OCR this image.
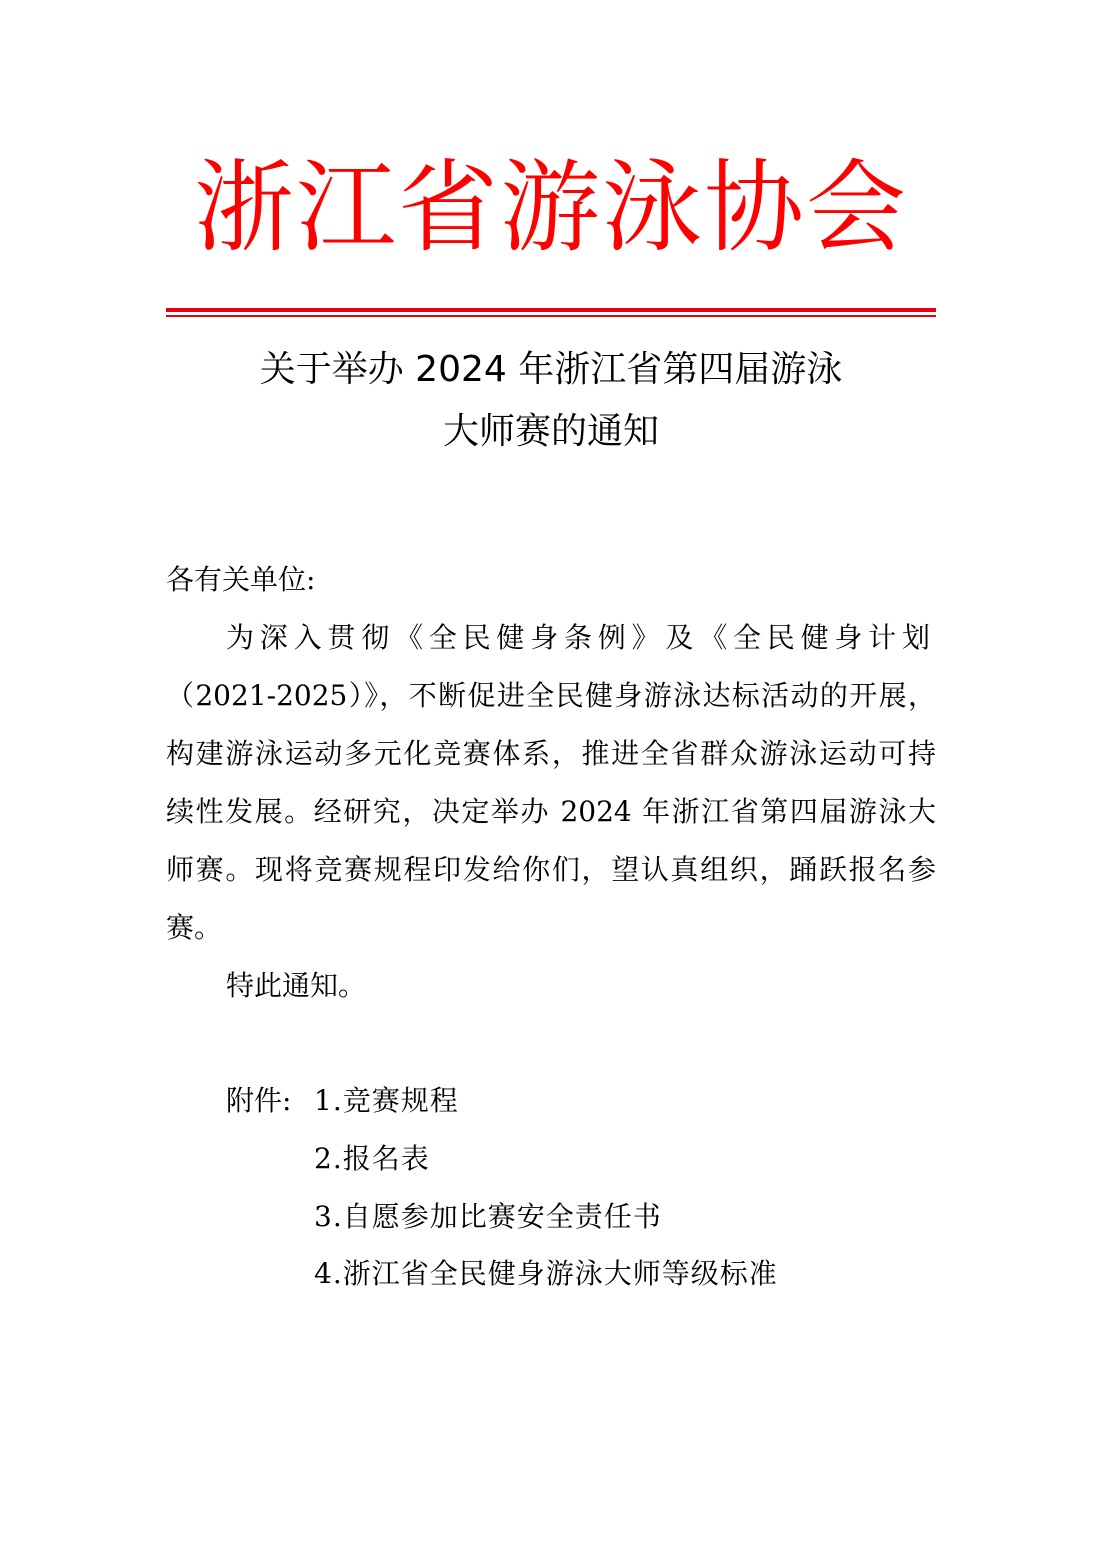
浙江省游泳协会
关于举办 2024 年浙江省第四届游泳
大师赛的通知
各有关单位:
为深入贯彻《全民健身条例》及《全民健身计划
（2021-2025）》，不断促进全民健身游泳达标活动的开展，
构建游泳运动多元化竞赛体系，推进全省群众游泳运动可持
续性发展。经研究，决定举办 2024 年浙江省第四届游泳大
师赛。现将竞赛规程印发给你们，望认真组织，踊跃报名参
赛。
特此通知。
附件: 1.竞赛规程
2.报名表
3.自愿参加比赛安全责任书
4.浙江省全民健身游泳大师等级标准
